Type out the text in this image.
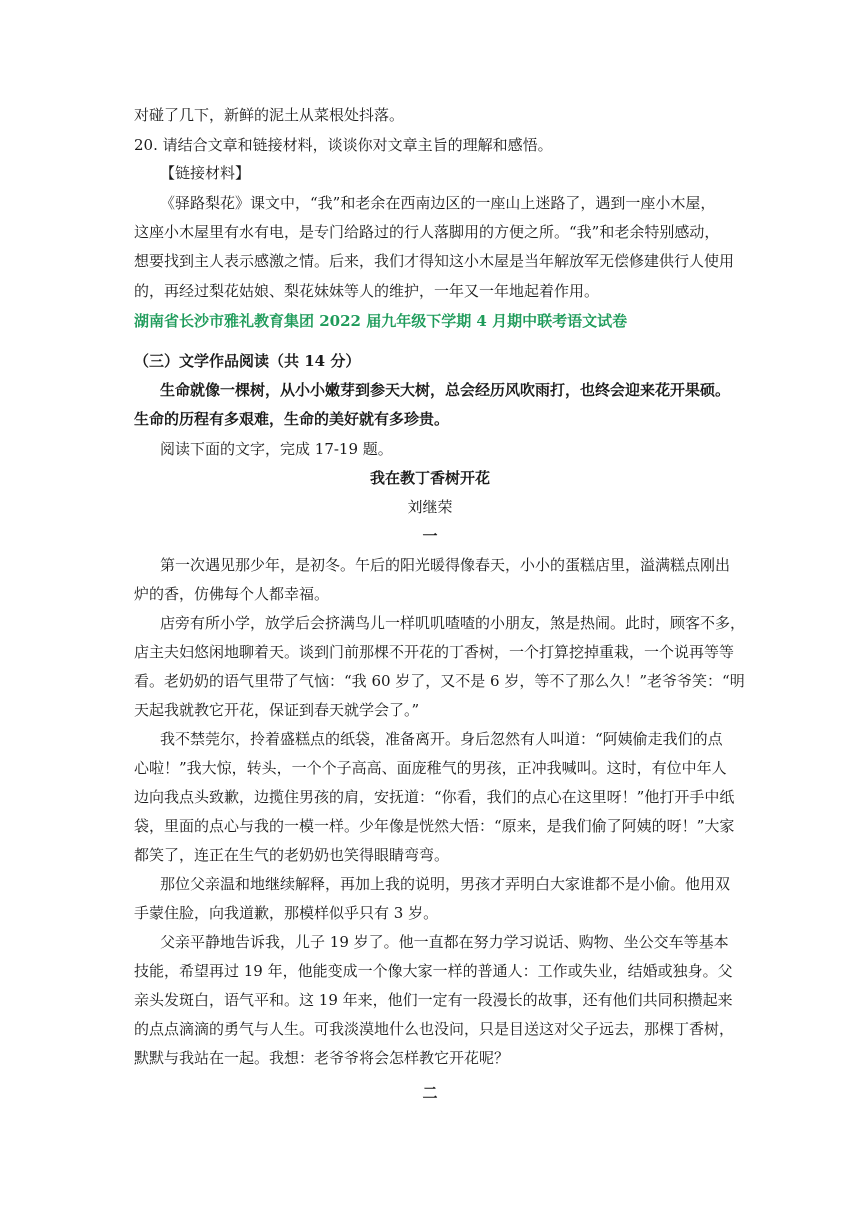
对碰了几下，新鲜的泥土从菜根处抖落。
20. 请结合文章和链接材料，谈谈你对文章主旨的理解和感悟。
【链接材料】
《驿路梨花》课文中，“我”和老余在西南边区的一座山上迷路了，遇到一座小木屋，
这座小木屋里有水有电，是专门给路过的行人落脚用的方便之所。“我”和老余特别感动，
想要找到主人表示感激之情。后来，我们才得知这小木屋是当年解放军无偿修建供行人使用
的，再经过梨花姑娘、梨花妹妹等人的维护，一年又一年地起着作用。
湖南省长沙市雅礼教育集团 2022 届九年级下学期 4 月期中联考语文试卷
（三）文学作品阅读（共 14 分）
生命就像一棵树，从小小嫩芽到参天大树，总会经历风吹雨打，也终会迎来花开果硕。
生命的历程有多艰难，生命的美好就有多珍贵。
阅读下面的文字，完成 17-19 题。
我在教丁香树开花
刘继荣
一
第一次遇见那少年，是初冬。午后的阳光暖得像春天，小小的蛋糕店里，溢满糕点刚出
炉的香，仿佛每个人都幸福。
店旁有所小学，放学后会挤满鸟儿一样叽叽喳喳的小朋友，煞是热闹。此时，顾客不多，
店主夫妇悠闲地聊着天。谈到门前那棵不开花的丁香树，一个打算挖掉重栽，一个说再等等
看。老奶奶的语气里带了气恼：“我 60 岁了，又不是 6 岁，等不了那么久！”老爷爷笑：“明
天起我就教它开花，保证到春天就学会了。”
我不禁莞尔，拎着盛糕点的纸袋，准备离开。身后忽然有人叫道：“阿姨偷走我们的点
心啦！”我大惊，转头，一个个子高高、面庞稚气的男孩，正冲我喊叫。这时，有位中年人
边向我点头致歉，边揽住男孩的肩，安抚道：“你看，我们的点心在这里呀！”他打开手中纸
袋，里面的点心与我的一模一样。少年像是恍然大悟：“原来，是我们偷了阿姨的呀！”大家
都笑了，连正在生气的老奶奶也笑得眼睛弯弯。
那位父亲温和地继续解释，再加上我的说明，男孩才弄明白大家谁都不是小偷。他用双
手蒙住脸，向我道歉，那模样似乎只有 3 岁。
父亲平静地告诉我，儿子 19 岁了。他一直都在努力学习说话、购物、坐公交车等基本
技能，希望再过 19 年，他能变成一个像大家一样的普通人：工作或失业，结婚或独身。父
亲头发斑白，语气平和。这 19 年来，他们一定有一段漫长的故事，还有他们共同积攒起来
的点点滴滴的勇气与人生。可我淡漠地什么也没问，只是目送这对父子远去，那棵丁香树，
默默与我站在一起。我想：老爷爷将会怎样教它开花呢？
二
